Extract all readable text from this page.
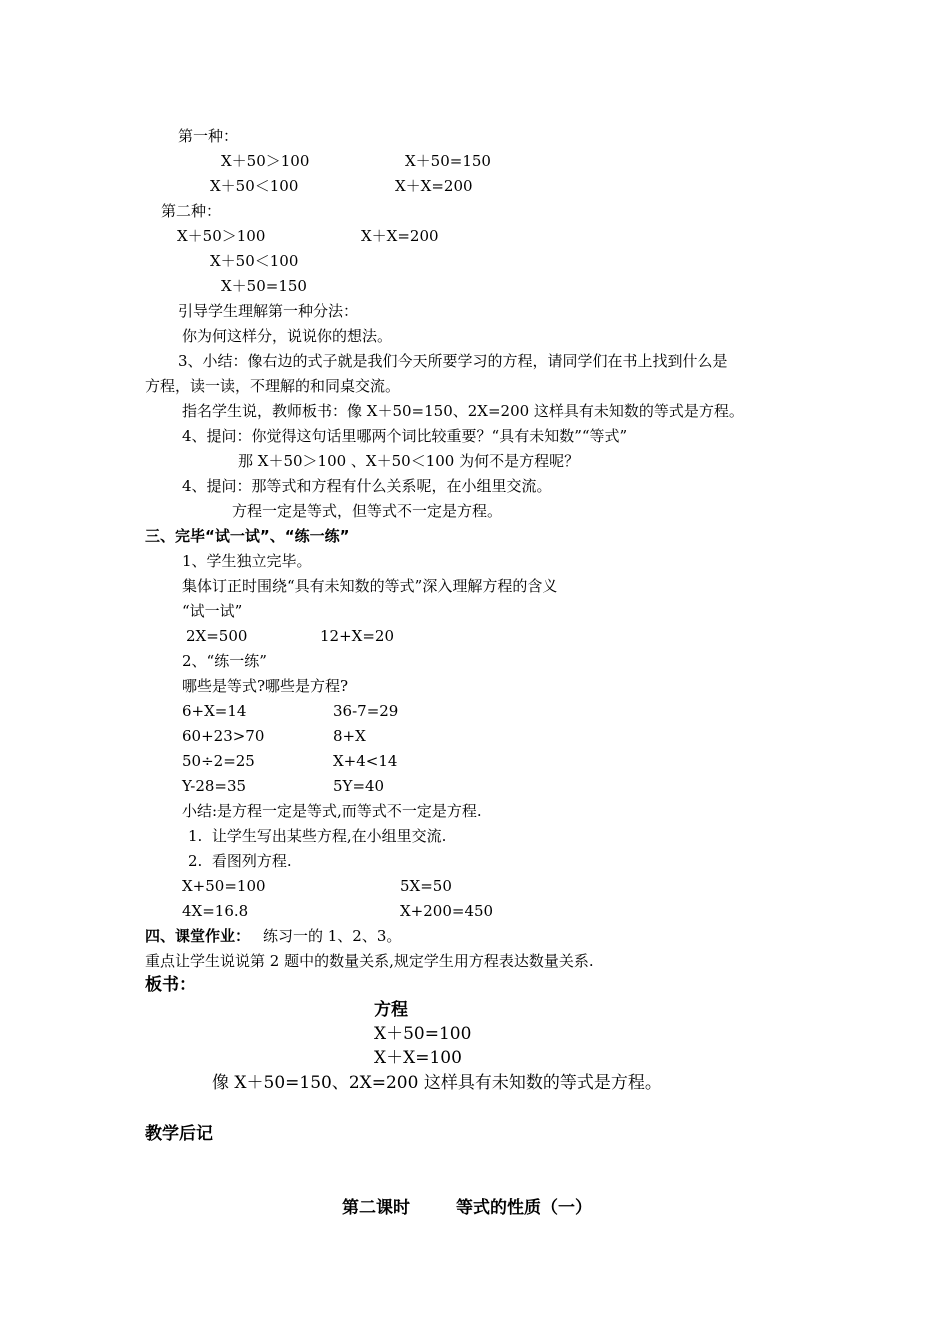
第一种：
X＋50＞100	X＋50=150
X＋50＜100	X＋X=200
第二种：
X＋50＞100	X＋X=200
X＋50＜100
X＋50=150
引导学生理解第一种分法：
你为何这样分，说说你的想法。
3、小结：像右边的式子就是我们今天所要学习的方程，请同学们在书上找到什么是
方程，读一读，不理解的和同桌交流。
指名学生说，教师板书：像 X＋50=150、2X=200 这样具有未知数的等式是方程。
4、提问：你觉得这句话里哪两个词比较重要？“具有未知数”“等式”
那 X＋50＞100 、X＋50＜100 为何不是方程呢？
4、提问：那等式和方程有什么关系呢，在小组里交流。
方程一定是等式，但等式不一定是方程。
三、完毕“试一试”、“练一练”
1、学生独立完毕。
集体订正时围绕“具有未知数的等式”深入理解方程的含义
“试一试”
2X=500	12+X=20
2、“练一练”
哪些是等式?哪些是方程?
6+X=14	36-7=29
60+23>70	8+X
50÷2=25	X+4<14
Y-28=35	5Y=40
小结:是方程一定是等式,而等式不一定是方程.
1.  让学生写出某些方程,在小组里交流.
2.  看图列方程.
X+50=100	5X=50
4X=16.8	X+200=450
四、课堂作业： 练习一的 1、2、3。
重点让学生说说第 2 题中的数量关系,规定学生用方程表达数量关系.
板书：
方程
X＋50=100
X＋X=100
像 X＋50=150、2X=200 这样具有未知数的等式是方程。
教学后记
第二课时	等式的性质（一）
